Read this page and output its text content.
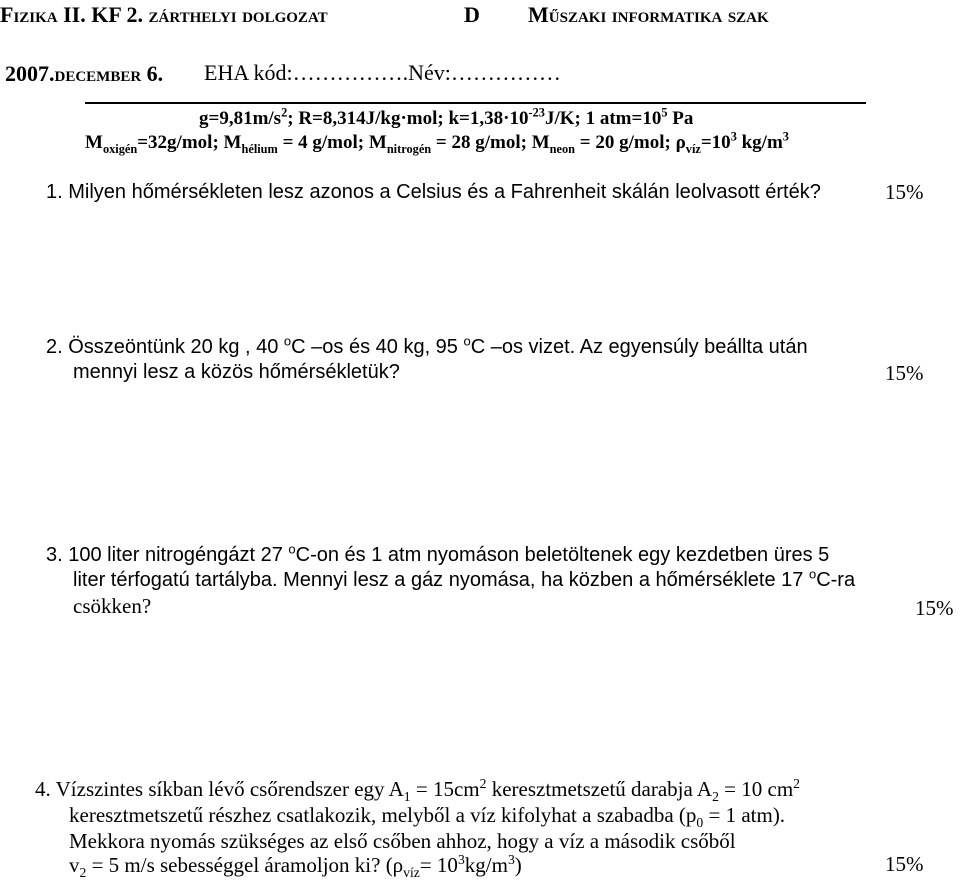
Fizika II. KF 2. zárthelyi dolgozat	D Műszaki informatika szak
2007.december 6. EHA kód:…………….Név:……………
$g=9,81m/s^2$; R=8,314J/kg·mol; $k=1,38\cdot 10^{-23}J/K$; 1 $atm=10^5$ Pa
$M_{oxigén}=32g$/mol; $M_{hélium} = 4$ g/mol; $M_{nitrogén} = 28$ g/mol; $M_{neon} = 20$ g/mol; $\rho_{víz}=10^3$ $kg/m^3$
1. Milyen hőmérsékleten lesz azonos a Celsius és a Fahrenheit skálán leolvasott érték?	15%
2. Összeöntünk 20 kg , 40 $^o$C –os és 40 kg, 95 $^o$C –os vizet. Az egyensúly beállta után
mennyi lesz a közös hőmérsékletük?	15%
3. 100 liter nitrogéngázt 27 $^o$C-on és 1 atm nyomáson beletöltenek egy kezdetben üres 5
liter térfogatú tartályba. Mennyi lesz a gáz nyomása, ha közben a hőmérséklete 17 $^o$C-ra
csökken?	15%
4. Vízszintes síkban lévő csőrendszer egy $A_1 = 15cm^2$ keresztmetszetű darabja $A_2 = 10$ $cm^2$
keresztmetszetű részhez csatlakozik, melyből a víz kifolyhat a szabadba ($p_0 = 1$ atm).
Mekkora nyomás szükséges az első csőben ahhoz, hogy a víz a második csőből
$v_2 = 5$ m/s sebességgel áramoljon ki? $(\rho_{víz}= 10^3kg/m^3)$	15%
